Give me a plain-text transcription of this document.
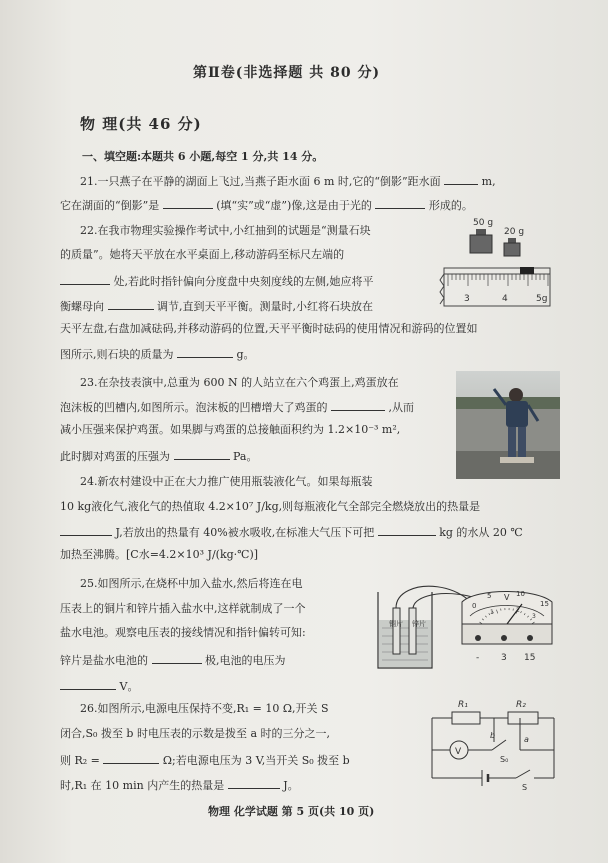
第Ⅱ卷(非选择题 共 80 分)
物 理(共 46 分)
一、填空题:本题共 6 小题,每空 1 分,共 14 分。
21.一只燕子在平静的湖面上飞过,当燕子距水面 6 m 时,它的“倒影”距水面	m,
它在湖面的“倒影”是	(填“实”或“虚”)像,这是由于光的	形成的。
22.在我市物理实验操作考试中,小红抽到的试题是“测量石块
的质量”。她将天平放在水平桌面上,移动游码至标尺左端的
处,若此时指针偏向分度盘中央刻度线的左侧,她应将平
衡螺母向	调节,直到天平平衡。测量时,小红将石块放在
天平左盘,右盘加减砝码,并移动游码的位置,天平平衡时砝码的使用情况和游码的位置如
图所示,则石块的质量为	g。
50 g
20 g
3	4	5g
23.在杂技表演中,总重为 600 N 的人站立在六个鸡蛋上,鸡蛋放在
泡沫板的凹槽内,如图所示。泡沫板的凹槽增大了鸡蛋的	,从而
减小压强来保护鸡蛋。如果脚与鸡蛋的总接触面积约为 1.2×10⁻³ m²,
此时脚对鸡蛋的压强为	Pa。
24.新农村建设中正在大力推广使用瓶装液化气。如果每瓶装
10 kg液化气,液化气的热值取 4.2×10⁷ J/kg,则每瓶液化气全部完全燃烧放出的热量是
J,若放出的热量有 40%被水吸收,在标准大气压下可把	kg 的水从 20 ℃
加热至沸腾。[C水=4.2×10³ J/(kg·℃)]
25.如图所示,在烧杯中加入盐水,然后将连在电
压表上的铜片和锌片插入盐水中,这样就制成了一个
盐水电池。观察电压表的接线情况和指针偏转可知:
锌片是盐水电池的	极,电池的电压为
V。
铜片 锌片
0
5	10
15
1	2
3
V
- 3 15
26.如图所示,电源电压保持不变,R₁ = 10 Ω,开关 S
闭合,S₀ 拨至 b 时电压表的示数是拨至 a 时的三分之一,
则 R₂ =	Ω;若电源电压为 3 V,当开关 S₀ 拨至 b
时,R₁ 在 10 min 内产生的热量是	J。
V
R₁	R₂
b	a
S₀
S
物理 化学试题 第 5 页(共 10 页)
